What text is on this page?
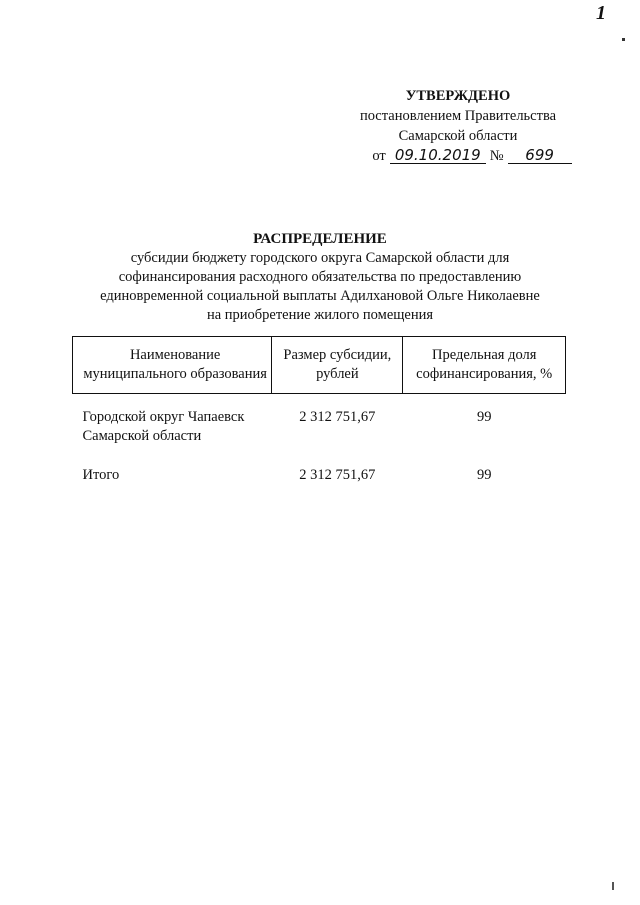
1
УТВЕРЖДЕНО
постановлением Правительства
Самарской области
от 09.10.2019 №	699
РАСПРЕДЕЛЕНИЕ
субсидии бюджету городского округа Самарской области для
софинансирования расходного обязательства по предоставлению
единовременной социальной выплаты Адилхановой Ольге Николаевне
на приобретение жилого помещения
Наименование муниципального образования	Размер субсидии, рублей	Предельная доля софинансирования, %

Городской округ Чапаевск
Самарской области	2 312 751,67	99

Итого	2 312 751,67	99
